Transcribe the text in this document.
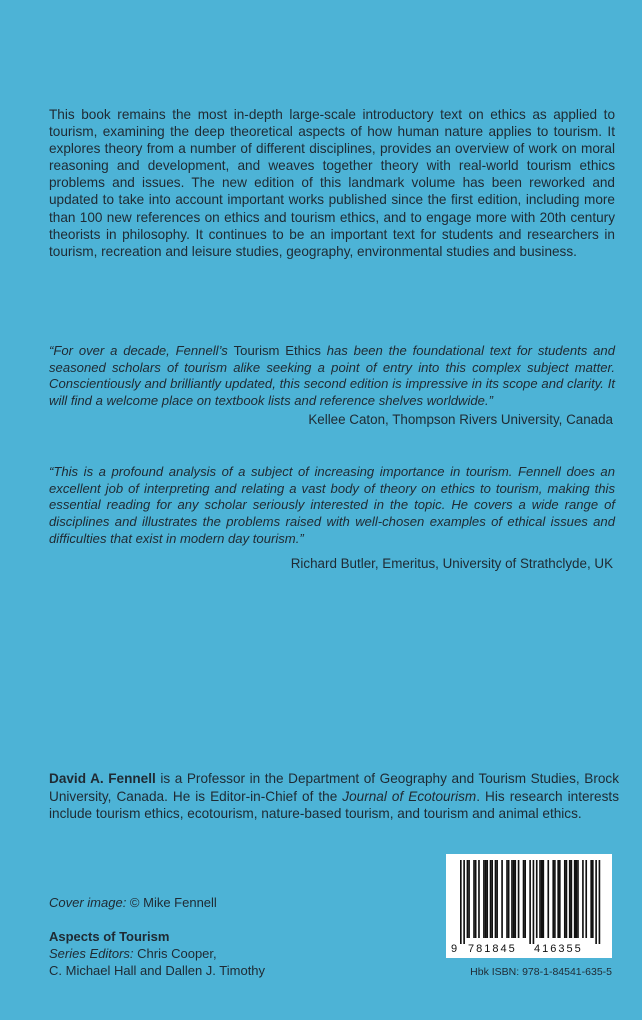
This book remains the most in-depth large-scale introductory text on ethics as applied to tourism, examining the deep theoretical aspects of how human nature applies to tourism. It explores theory from a number of different disciplines, provides an overview of work on moral reasoning and development, and weaves together theory with real-world tourism ethics problems and issues. The new edition of this landmark volume has been reworked and updated to take into account important works published since the first edition, including more than 100 new references on ethics and tourism ethics, and to engage more with 20th century theorists in philosophy. It continues to be an important text for students and researchers in tourism, recreation and leisure studies, geography, environmental studies and business.

“For over a decade, Fennell’s Tourism Ethics has been the foundational text for students and seasoned scholars of tourism alike seeking a point of entry into this complex subject matter. Conscientiously and brilliantly updated, this second edition is impressive in its scope and clarity. It will find a welcome place on textbook lists and reference shelves worldwide.”

Kellee Caton, Thompson Rivers University, Canada

“This is a profound analysis of a subject of increasing importance in tourism. Fennell does an excellent job of interpreting and relating a vast body of theory on ethics to tourism, making this essential reading for any scholar seriously interested in the topic. He covers a wide range of disciplines and illustrates the problems raised with well-chosen examples of ethical issues and difficulties that exist in modern day tourism.”

Richard Butler, Emeritus, University of Strathclyde, UK

David A. Fennell is a Professor in the Department of Geography and Tourism Studies, Brock University, Canada. He is Editor-in-Chief of the Journal of Ecotourism. His research interests include tourism ethics, ecotourism, nature-based tourism, and tourism and animal ethics.

Cover image: © Mike Fennell

Aspects of Tourism
Series Editors: Chris Cooper,
C. Michael Hall and Dallen J. Timothy

9 781845 416355

Hbk ISBN: 978-1-84541-635-5
